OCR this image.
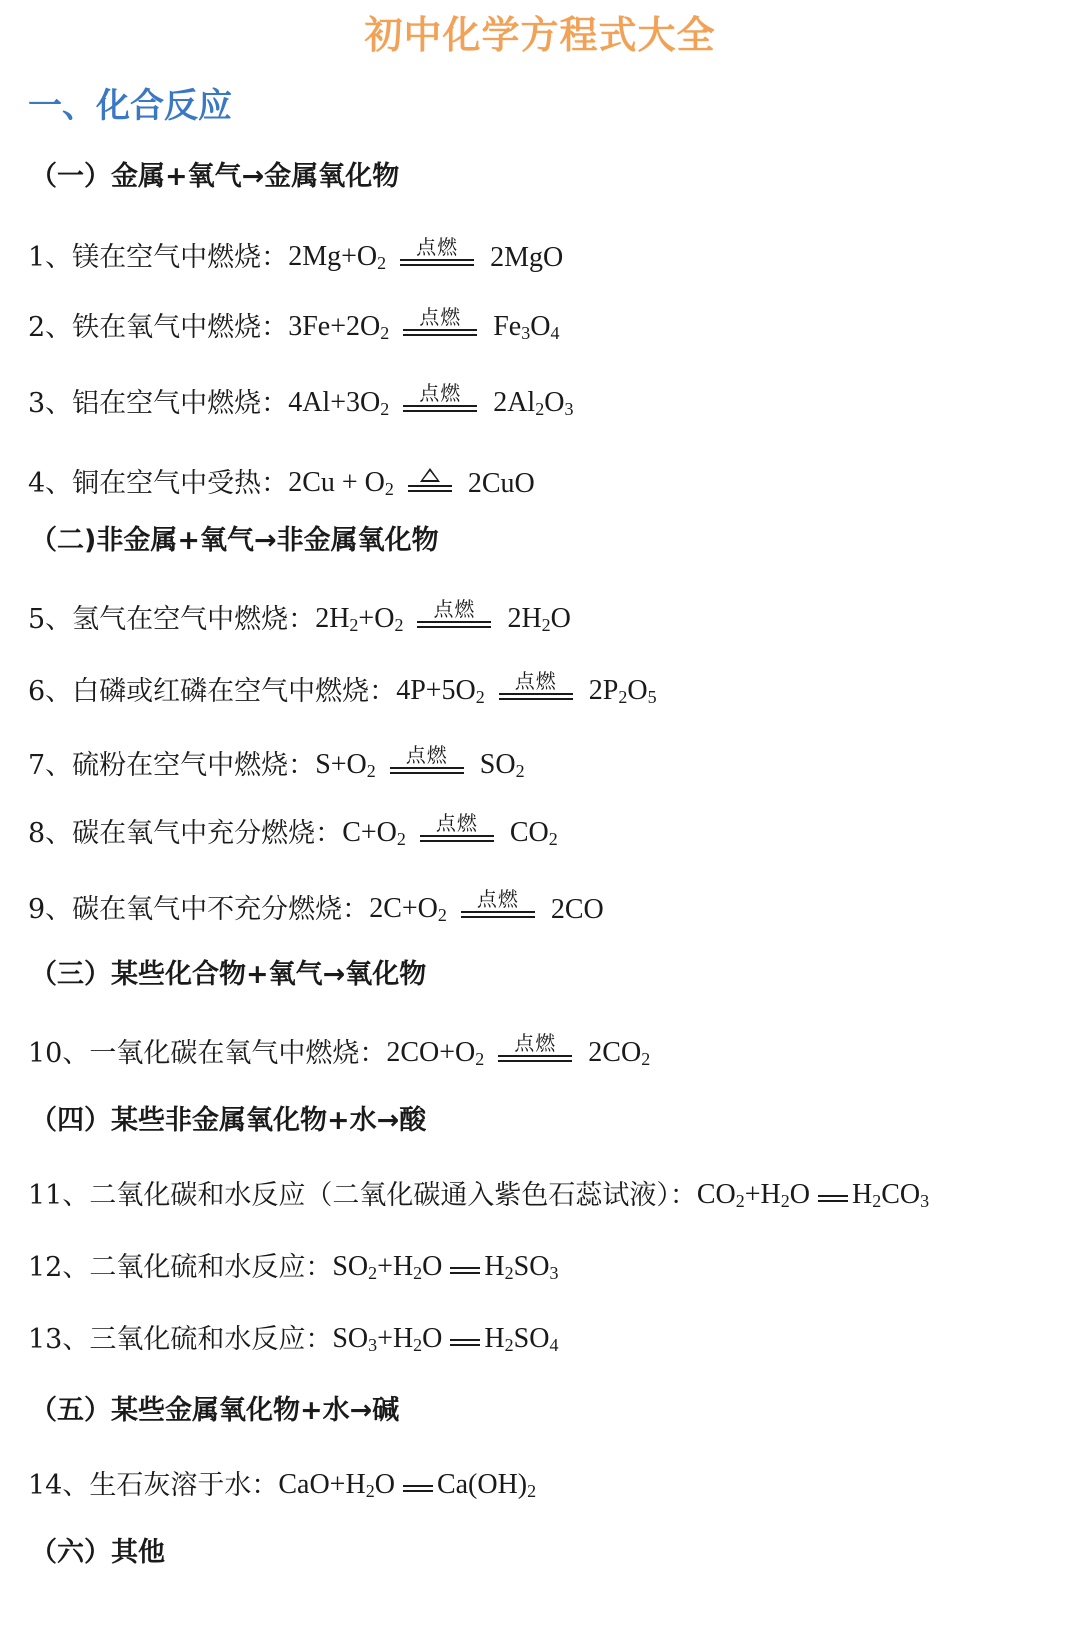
初中化学方程式大全
一、化合反应
（一）金属+氧气→金属氧化物
1、镁在空气中燃烧： $2Mg+O_2$
点燃 2MgO
2、铁在氧气中燃烧： $3Fe+2O_2$
点燃 $Fe_3O_4$
3、铝在空气中燃烧： $4Al+3O_2$
点燃 $2Al_2O_3$
4、铜在空气中受热： $2Cu + O_2$	2CuO
（二)非金属+氧气→非金属氧化物
5、氢气在空气中燃烧： $2H_2+O_2$
点燃 $2H_2O$
6、白磷或红磷在空气中燃烧： $4P+5O_2$
点燃 $2P_2O_5$
7、硫粉在空气中燃烧： $S+O_2$
点燃 $SO_2$
8、碳在氧气中充分燃烧： $C+O_2$
点燃 $CO_2$
9、碳在氧气中不充分燃烧： $2C+O_2$
点燃 2CO
（三）某些化合物+氧气→氧化物
10、一氧化碳在氧气中燃烧： $2CO+O_2$
点燃 $2CO_2$
（四）某些非金属氧化物+水→酸
11、二氧化碳和水反应（二氧化碳通入紫色石蕊试液）： $CO_2+H_2O$ $H_2CO_3$
12、二氧化硫和水反应： $SO_2+H_2O$ $H_2SO_3$
13、三氧化硫和水反应： $SO_3+H_2O$ $H_2SO_4$
（五）某些金属氧化物+水→碱
14、生石灰溶于水： $CaO+H_2O$ $Ca(OH)_2$
（六）其他
